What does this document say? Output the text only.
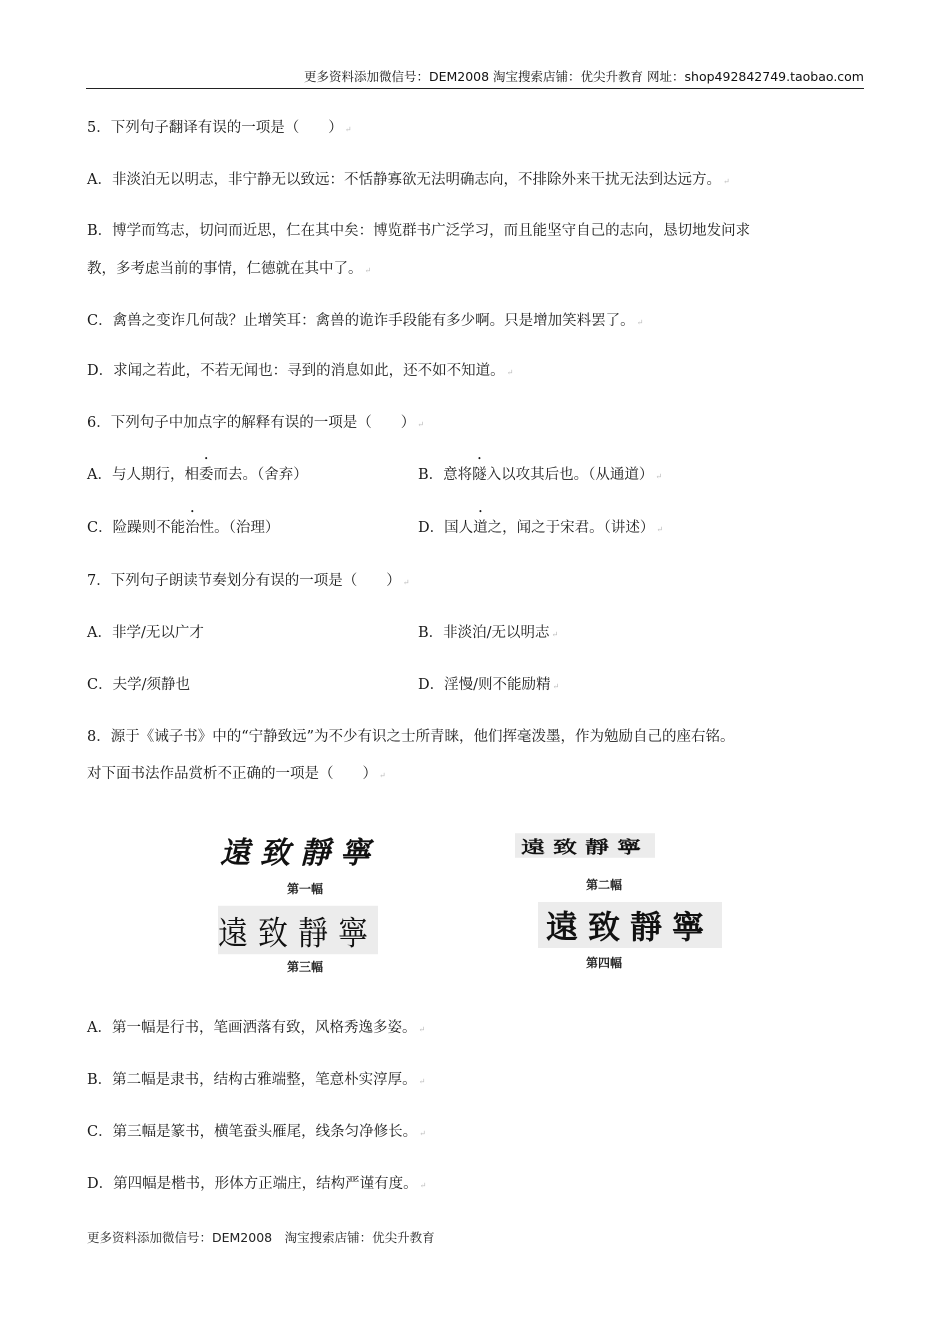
更多资料添加微信号：DEM2008 淘宝搜索店铺：优尖升教育 网址：shop492842749.taobao.com
5．下列句子翻译有误的一项是（　　） ↵
A．非淡泊无以明志，非宁静无以致远：不恬静寡欲无法明确志向，不排除外来干扰无法到达远方。 ↵
B．博学而笃志，切问而近思，仁在其中矣：博览群书广泛学习，而且能坚守自己的志向，恳切地发问求
教，多考虑当前的事情，仁德就在其中了。 ↵
C．禽兽之变诈几何哉？止增笑耳：禽兽的诡诈手段能有多少啊。只是增加笑料罢了。 ↵
D．求闻之若此，不若无闻也：寻到的消息如此，还不如不知道。 ↵
6．下列句子中加点字的解释有误的一项是（　　） ↵
A．与人期行，相委而去。（舍弃）	B．意将隧入以攻其后也。（从通道） ↵
C．险躁则不能治性。（治理）	D．国人道之，闻之于宋君。（讲述） ↵
7．下列句子朗读节奏划分有误的一项是（　　） ↵
A．非学/无以广才	B．非淡泊/无以明志 ↵
C．夫学/须静也	D．淫慢/则不能励精 ↵
8．源于《诫子书》中的“宁静致远”为不少有识之士所青睐，他们挥毫泼墨，作为勉励自己的座右铭。
对下面书法作品赏析不正确的一项是（　　） ↵
遠致靜寧
第一幅
遠致靜寧
第二幅
遠致靜寧
第三幅
遠致靜寧
第四幅
A．第一幅是行书，笔画洒落有致，风格秀逸多姿。 ↵
B．第二幅是隶书，结构古雅端整，笔意朴实淳厚。 ↵
C．第三幅是篆书，横笔蚕头雁尾，线条匀净修长。 ↵
D．第四幅是楷书，形体方正端庄，结构严谨有度。 ↵
更多资料添加微信号：DEM2008　淘宝搜索店铺：优尖升教育
